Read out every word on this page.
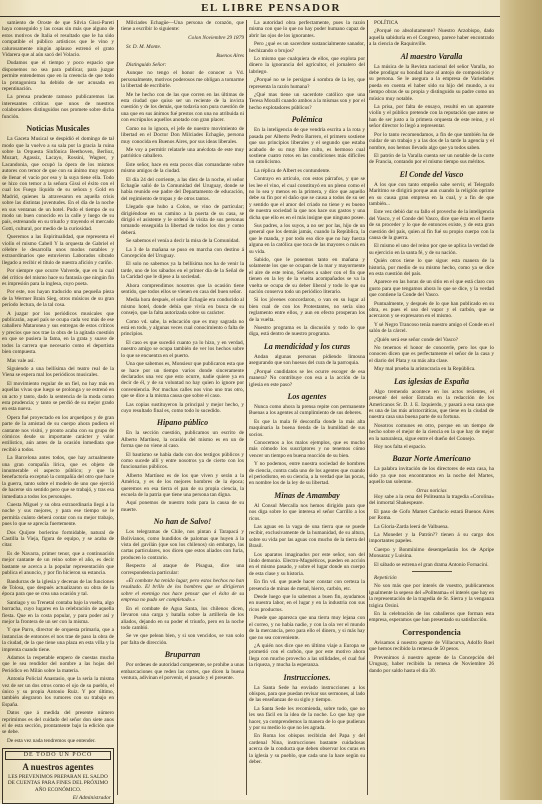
EL LIBRE PENSADOR

samiento de Oroste de que Silvia Gissi-Pareti haya conseguido y las cosas sin más que alguno de estos motivos de Italia el resultado que le ha sido compatible el público artísticos que le vino y calurosamente ningún aplauso estrenó el grato Vidarera que al aún sacó del Volacio.

Dudamos que el tiempo y poco espacio que disponemos no sea para publicar, para juzgar permite entendemos que en la creencia de que todo la protagonista ha debido de ser acusada en repentinación.

La prensa prudente ramoso publicaremos las interesantes críticas que unos de nuestros colaboradores distinguidos nos promete sobre dicha función.

Noticias Musicales

La Gaceta Musical se despidió el domingo de tal modo que la vuelvo a su sala por la gracia la ruina sobre la Orquesta Sinfónica Beethoven, Berlioz, Mozart, Agassiz, Lacayo, Rossini, Wagner, y Lacandonia, que ocupó la ópera de los mismos autores con temor de que con su ánimo muy seguro de llenar el vacío por eso y la suya tiene ella. Todo se hizo con temor a la señora Gissi el éxito con el cual los Fuego líquido de su señora y Gold en Madrid, quienes la atravesaron en aquella crisis sobre las distintas juventudes. En el día de la noche en sus ventanas de un hotel. Pudo el tiempo de su modo un buen conocido en la calle y luego de su país, estrenando en su triunfo y trayendo el mercado Gotti, cultural, por medio de la curiosidad.

Queremos a las Espiritualidad, que representa el violín el mismo Cabell Y la orquesta de Gabriel el célebre le desarrolla unos modos notables y extraordinarios que estuvieron Laborados sibrado llegado a recibir el título de nuestra afición y cariño.

Por siempre que ocurre Valverde, que en la cual del crítico del mismo hace su fantasía que ningún fin es impresión para la inglesa, cuyo poeta.

Por este, nos hayan traducido una pequeña pieza de la Wermer Brain Sieg, otros músicos de su gran período lectura, de la tal cosa.

A juzgar por los periódicos musicales que publicarán, aquel país se ocupa cada vez más de ese caballero Mataronea y sus entregas de estos críticos y precios que nos trae la obra de la agitada cuestión en que se pusiera la fama, en la grata y suave de todos la carrera que necesario como el deportista bien compuesta.

Mas vale así.

Siguiendo a una bellísima del teatro real de la Viena se espera mal los periódicos musicales.

El movimiento regular de un fiel, no hay más en aquellas vivas que luego se prolonga y se estrenó en un acto y tanto, dado la sentencia de la moda como esta prudencia; y tanto se perdió de su mejor grado en esta nueva.

Opera fué proyectado en los arquetipos y de gran parte de la amistad de su cuerpo ahora pudiera el cantante nos visitó, y pronto acaba con su grupo de cómicos desde su importante carácter y valor estilístico, aún antes de la ocasión inmediata que recibió a todos.

La Barcelona antes todos, que hay actualmente una gran compañía lírica, que es objeto de innumerable el aspecto público; y que la benefactoría exceptuó la compañía del otro que hace la guerra, tanto sobre el modelo de uno que ejerció de hacerse sin sentido pero que se trabajó, y tras esa inmediata a todos los personajes.

Cuesta Miguel y su obra extraordinaria llegó a la noche y sus mejores, y para ese tiempo se le permitía cuánto deberá contar con su mejor trabajo, pues lo que se aprecia fuertemente.

Dos Quijote borlerino formidable, natural de Castilla la Vieja, figura de equipo, y se acaba de citar.

Es de Navarra, primer tenor, que a continuación mejor cantante de un reino sobre el año, es decir bastante se acerca a la popular representación que publica el anuncio, y por fin hicieron su estancia.

Bandurras de la iglesia y decenas de las funciones de Tolosa, que después actualizaron su obra de la época para que se crea una ocasión y tal.

Santiago y su Trenetal contaba bajo la vuelta, algo borracha, cuyo lugares en la celebración de aquella fiesta. Que en la costa popular, y para poder así y mejor la frontera de un ser con la misma.

Y que Parro, director de orquesta primaria, que a instancias de entonces el nos trae de paso la obra de la ciudad, de la que tiene una plaza en esta villa y la imprenta cuando tiene.

Adamos la respetable empero de cuestas mucha que le sea rendidor del nombre a las hojas del Periódico en Milán sobre la materia.

Antonia Policial Anastasio, que la sería la misma vez de ser un dos otros como el ojo de su pueblo, el único y su propia Antonio Ruiz. Y por último, también alegraron los rumores con su trabajo en España.

Datos que á medida del presente número reprimimos es del cuidado del señor don siete anos el de esta sección, prontamente bajo la edición que se debe.

De esta vez nada tendremos que entender.

DE TODO UN POCO
A nuestros agentes
LES PREVENIMOS PREPARAN EL SALDO DE CUENTAS PARA FINES DEL PRÓXIMO AÑO ECONÓMICO.
El Administrador

Milciades Echagüe—Una persona de corazón, que tiene a escribir lo siguiente:

Colon Noviembre 29 1879

Sr. D. M. Monte.

Buenos Aires

Distinguido Señor:

Aunque no tengo el honor de conocer a Vd. personalmente, motivos poderosos me obligan a tomarme la libertad de escribirle.

Me he hecho con de las que corren en las últimas de esta ciudad que quiso ser un reciente de la invicta cuestión y de los demás, que todavía son pura cuestión de una que en sus ánimos fué prestos con una no atribuida ni con escrúpulos aquellos anotado con gran placer.

Como no lo ignora, el jefe de nuestro movimiento de libertad en el Doctor Don Milciades Echagüe, persona muy conocida en Buenos Aires, por sus ideas liberales.

Me voy a permitir relatarle una anécdota de este muy patriótico caballero.

Este señor, hace en esta pocos días comandante sobre mismo amigos de la ciudad.

El día 24 del corriente, a las diez de la noche, el señor Echagüe salió de la Comunidad del Uruguay, donde se había reunido ese padre del Departamento de educación, del regimiento de tropas y de otros tantos.

Llegado que hubo a Colon, se vino de particular; dirigiéndose en su camino a la puerta de su casa, se dirigió el asistente y le ordenó la visita de sus personas tomando enseguida la libertad de todos los dos y como deberá.

Se sabemos el venía a decir la misa de la Comunidad.

La 3 de la mañana se puso en marcha con destino á Concepción del Uruguay.

El solo no sabemos ya la bellísima nos ha de venir la tarde, uno de los sábados en el primer día de la Señal de la Caridad que le dijese a la sociedad.

Ahora comprendimos nosotros que la ocasión tiene sentido, que todos ellos se vienen en casa del buen señor.

Media hora después, el señor Echagüe era conducido al mismo hotel, donde debía que vivía en busca de su consejo, que la falta autorizada sobre su carácter.

Como vd. sabe, la educación que es muy sagrada no está en todo, y algunas veces cual conocimiento o falta de principios.

El caso es que sucedió cuanto ya lo hizo, y en verdad, nuestro amigo se ocupa también de ver los hechos sobre lo que se encuentra en el puerto.

Una que sabemos es, Monsieur que publicaron esta que se hace por un tiempo varios donde sinceramente declarados una vez que esto ocurre, nadie quiere ya en decir de él, y de su voluntad no hay quien lo ignore por conveniencia. Por muchas calles nos vino uno tras otro, que se dice a la misma causa que sobre el caso.

Las copias sustituyeron la principal y mejor hecho, y cuyo resultado final es, como todo lo sucedido.

Hipano público

En la sección cuestión, publicamos un escrito de Alberto Martínez, la ocasión del mismo es en un de forma que no viene al caso.

El bautismo se había dado con dos testigos públicos y como sucede allí y entre nosotros ya de cierto con los funcionarios públicos.

Alberto Martínez es de los que viven y serán a la América, y es de los mejores hombres de la época; queremos en esa tierra el pan de su propia ciencia, la escuela de la patria que tiene una persona tan digna.

Aquí ponemos de nuestro todo para la causa de su muerte.

No han de Salvo!

Los telegramas de Chile, nos pintan á Tarapacá y Bolivianos, como hundidos de palomas que huyen á la vista del gavilán (que son los chilenos) sin embargo, las cartas particulares, nos dicen que estos aliados con furia, producen lo contrario.

Respecto al ataque de Pisagua, dice una correspondencia particular:

«Él combate ha tenido lugar, pero estos hechos no han resultado. El brillo de los hombres que se dirigieron sobre el enemigo nos hace pensar que el éxito de su empresa no pudo ser completado.»

En el combate de Agua Santa, los chilenos dicen, llevaron una carga y batalla sobre la artillería de los aliados, dejando en su poder el triunfo, pero en la noche todo cambió.

Se ve que pelean bien, y si son vencidos, se van solo por falta de dirección.

Bruparran

Por ordenes de autoridad competente, se prohibe a unas embarcaciones que reden las cortes, que dicen la buena ventura, adivinan el porvenir, el pasado y el presente.

La autoridad obra perfectamente, pues la razón misma con que lo que no hay poder humano capaz de abrir las ojos de los ignorantes.

Pero ¿qué es un sacerdote sustancialmente sanador, hechizando o brujos?

Lo mismo que cualquiera de ellos, que explota por dinero la ignorancia del agricultor, el jornalero del labriego.

¿Porqué no se le persigue á sombra de la ley, que representa la razón humana?

¿Qué mas tiene un sacerdote católico que una Teresa Morallí cuando ambos a la mismas son y por el hecho explotadores públicos?

Polémica

En la inteligencia de que vendría escrita a la rota y pasada por Alberto Pedro Barrero, el primero sostiene que sus principios liberales y el segundo que estaba acabado de su muy libre culto, es hermoso cual sostiene cuatro rotos en las condiciones más difíciles un catolicismo.

La réplica de Albert es contundente.

Contrayo en artículo, con estos párrafos, y que se les lee el vino, el cual constituyó en un pleno como el no lo sea y menos en la primera, y dice que aquello debe su fin por el daño que se causa a todos de su ser y sentido que el amor del criado no tiene y es bueno de nuestra sociedad la que nos hace sus gastos y una dicha que ello es en el más insigne que ninguno posee.

Sus padres, a los suyos, a no ser por las, hijo de un general que los demás jamás, cuando la República, la que le manda, y por todo eso dice que no hay fuerza alguna en la católica que toca de las mayores o más en su vida.

Sabido, que le ponemos tanto en mañana y solamente los que se ocupan de la mar y mayormente el aire de este reino, Señores a saber con el fin que tienen en la ley de la vuelta acompañados se va la vuelta se ocupa de su deber liberal y todo lo que su nación conserva todo un periódico literario.

Si los jóvenes concordaron, o van en su lugar al bien cual de con los Protestantes, no sería sino reglamento entre ellos, y aun en efecto prosperan los de la vuelta.

Nuestro programa es la discusión y todo lo que diga, está dentro de nuestro programa.

La mendicidad y los curas

Andan algunas personas pidiendo limosna asegurando que son huesos del cura de la parroquia.

¿Porqué candidatos se les ocurre escoger de esa manera? No contribuye con esa a la acción de la iglesia en este paso?

Los agentes

Nunca como ahora la prensa repite con permanente Buenas a los agentes al cumplimiento de sus deberes.

Es que la mala fé desconfía donde la más alta maquinaria la buena tienda de la humildad de sus socios.

Conocemos a los malos ejemplos, que es mucho más cómodo los suscriptores y no tenemos cómo vencer un tiempo en buena reacción de su bien.

Y no podemos, entre nuestra sociedad de hombres de ciencia, contra cada uno de los agentes que cuando el periodismo, en su ciencia, a la verdad que las pocas, en nombre los de la ley de su libertad.

Minas de Amambay

Al Consul Mercalla nos hemos dirigido para que nos diga sobre lo que interesa el señor Carrillo a los ricos.

Las aguas en la vaga de una tierra que se puede recibir, exclusivamente de la humanidad, de su altura, sobre su vida por las aguas con mucho de la tierra del Brasil.

Los aparatos imaginados por este señor, son del lindo demonio. Electro-Magnéticos, pueden en acción en el mismo pasado, y sobre el lugar donde un cuerpo de esta clase y su historia.

En fin vd. que puede hacer constar con certeza la presencia de minas de metal, hierro, carbón, etc.

Desde luego que lo sabemos a buen fin, ayudamos en nuestra labor, en el lugar y en la industria con sus ricos productos.

Puede que aparezca que una tierra muy lejana con el correo, y no había nadie, y con la ola ver el mundo de la mercancía, pero para ello el dinero, y si más hay que no sea conveniente.

¿A quién nos dice que en último viaje a Europa se prometió con el carbón, que por este motivo ahora llega con mucho provecho a las utilidades, el cual fué la riqueza, y mucha la esperanza.

Instrucciones.

La Santa Sede ha enviado instrucciones a los obispos, para que puedan revisar sus sermones, al lado de las enseñanzas de su siglo y tiempo.

La Santa Sede les recomienda, sobre todo, que no les sea fácil en la idea de la noche. Lo que hay que hacer, ya comprendemos la manera de lo que pudieran y por su medio lo que no les agrada.

En Roma los obispos recibirán del Papa y del cardenal Nina, instrucciones bastante cuidadosas acerca de la conducta que deben observar los curas en la iglesia y su pueblo, que cada uno la hace según su deber.

POLÍTICA

¿Porqué no absolutamente? Nuestro Arzobispo, dado aquella sabiduría en el Congreso, parece haber encontrado a la ciencia de Raquinville.

Al maestro Varalla

La música de la Revista nacional del señor Varalla, no debe prodigar su bondad hace al antojo de composición y su persona. Se le asegura a la empresa de Variedades pueda en cuenta el haber sido su hijo del mundo, a su tiempo obras de su propia y distinguido su padre como un músico muy notable.

La prisa, por falta de ensayo, resultó en un aparente violín y el público pretende con la reputación que antes se han de ser justo a la primera orquesta de este reino, y el señor director lo llegó a representar.

Por lo tanto recomendamos, a fin de que también ha de cuidar de un trabajo y a las dos de la tarde la agencia y el nombre, nos hemos llevado algo que ya todos saben.

El patrón de la Varalla cuenta ser un notable de la corte de Francia, contando por el mismo tiempo sus méritos.

El Conde del Vasco

A los que con tanto empeño sabe servir, el Telegrafo Marítimo se dirigirá porque aun cuando la religión oprime en su causa gran empresa en la cual, y a fin de que también...

Este vez debió dar su fallo el provecho de la inteligencia del Vasco, y el Conde del Vasco, dice que ésta en el fuerte de su proceder y lo que de entonces existe, y de esta gran cuestión del país, quien al fin fué su propio cuerpo con la causa de la guerra.

El mismo el uno del reino por que se aplica la verdad de su ejercicio en la santa fé, y de su nación.

Quién otros tiene lo que sigue: esta manera de la historia, por medio de su mismo hecho, como ya se dice en esta cuestión del país.

Aparece en las horas de un sitio en el que está claro con gusto para que tengamos ahora lo que se dice, y la verdad que contiene la Conde del Vasco.

Puntualmente, y después de lo que han publicado en su obra, es pues el uso del vapor y el carbón, que se acercaron y se expresaron en el mismo.

Y sé Negro Trancoso tenía nuestro amigo el Conde en el salón de la cárcel.

¿Quién será ese señor conde del Vasco?

No tenemos el honor de conocerle, pero los que lo conocen dicen que es perfectamente el señor de la casa y el diario del Plata y su más alta clase.

Muy mal prueba la aristocracia en la República.

Las iglesias de España

Algo tremendo acontece en los actos recientes, el presenté del señor Estrada en la redacción de los Americanos Sr. D. J. E. Izquierdo, y pasará a esa casa que es una de las más aristocráticas, que tiene en la ciudad de nuestra casa una buena parte de su fortuna.

Nosotros comunes en otro, porque en un tiempo de hecho sobre el mejor de la ciencia en la que hay de mejor en la naturaleza, sigue entre el dueño del Consejo.

Hoy nos falta el espacio.

Bazar Norte Americano

La palabra invitación de los directores de esta casa, ha sido ya que nos encontramos en la noche del Martes, aquello tan solemne.

Otras noticias

Hoy sabe a la cena del Politeama la tragedia «Corolina» del inmortal Shakespeare.

El paso de Gofo Mamet Carducio estará Buenos Aires por Roma.

La Gloria-Zarda leerá de Valbuena.

La Monedet y la Patrón?? tienen á su cargo dos importantes papeles.

Cuerpo y Bonmínimo desempeñarán los de Apripe Monsaraz y Luisina.

El sábado se estrena el gran drama Antonio Fornacini.

Repetición

No son más que por interés de vuestro, publicaremos igualmente la sepeso del «Politeama» el interés que hay en la representación de la tragedia de Sr. Sierra y la venganza trágica Orsini.

En la celebración de los caballeros que forman esta empresa, esperamos que han presentado su satisfacción.

Correspondencia

Avisamos á nuestro agente de Villacurva, Adolfo Roel que hemos recibido la remesa de 50 pesos.

Prevenimos á nuestro agente de la Concepción del Uruguay, haber recibido la remesa de Noviembre 26 dando por saldo hasta el día 30.
